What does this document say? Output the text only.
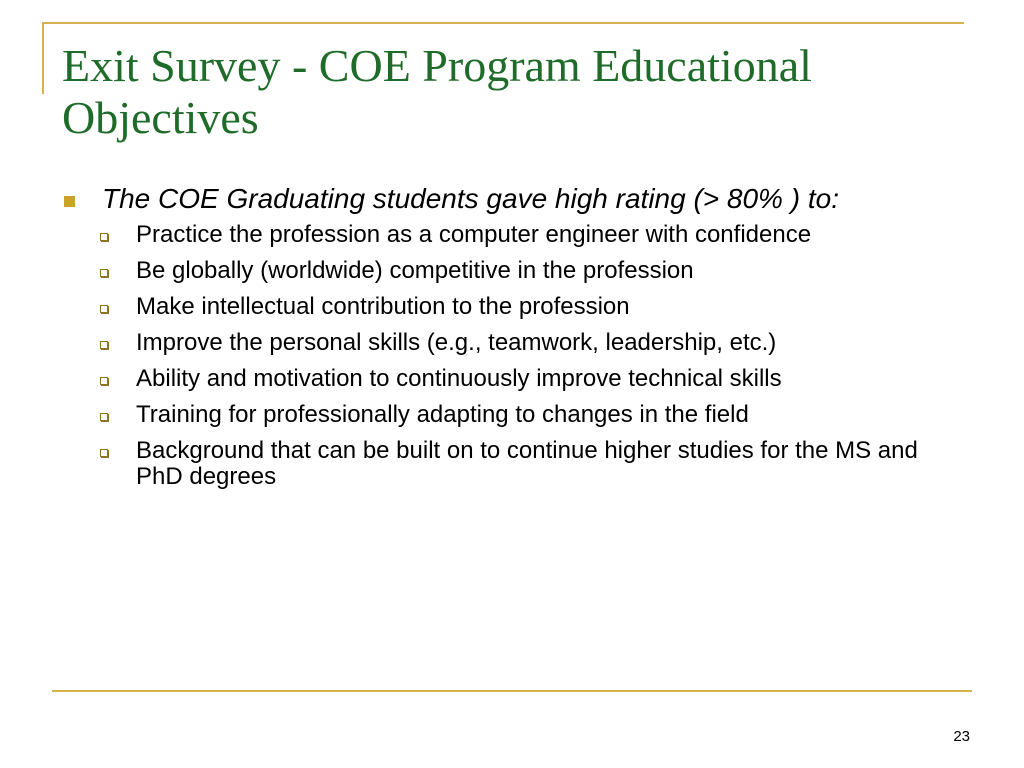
Exit Survey - COE Program Educational Objectives
The COE Graduating students gave high rating (> 80% ) to:
Practice the profession as a computer engineer with confidence
Be globally (worldwide) competitive in the profession
Make intellectual contribution to the profession
Improve the personal skills (e.g., teamwork, leadership, etc.)
Ability and motivation to continuously improve technical skills
Training for professionally adapting to changes in the field
Background that can be built on to continue higher studies for the MS and PhD degrees
23
